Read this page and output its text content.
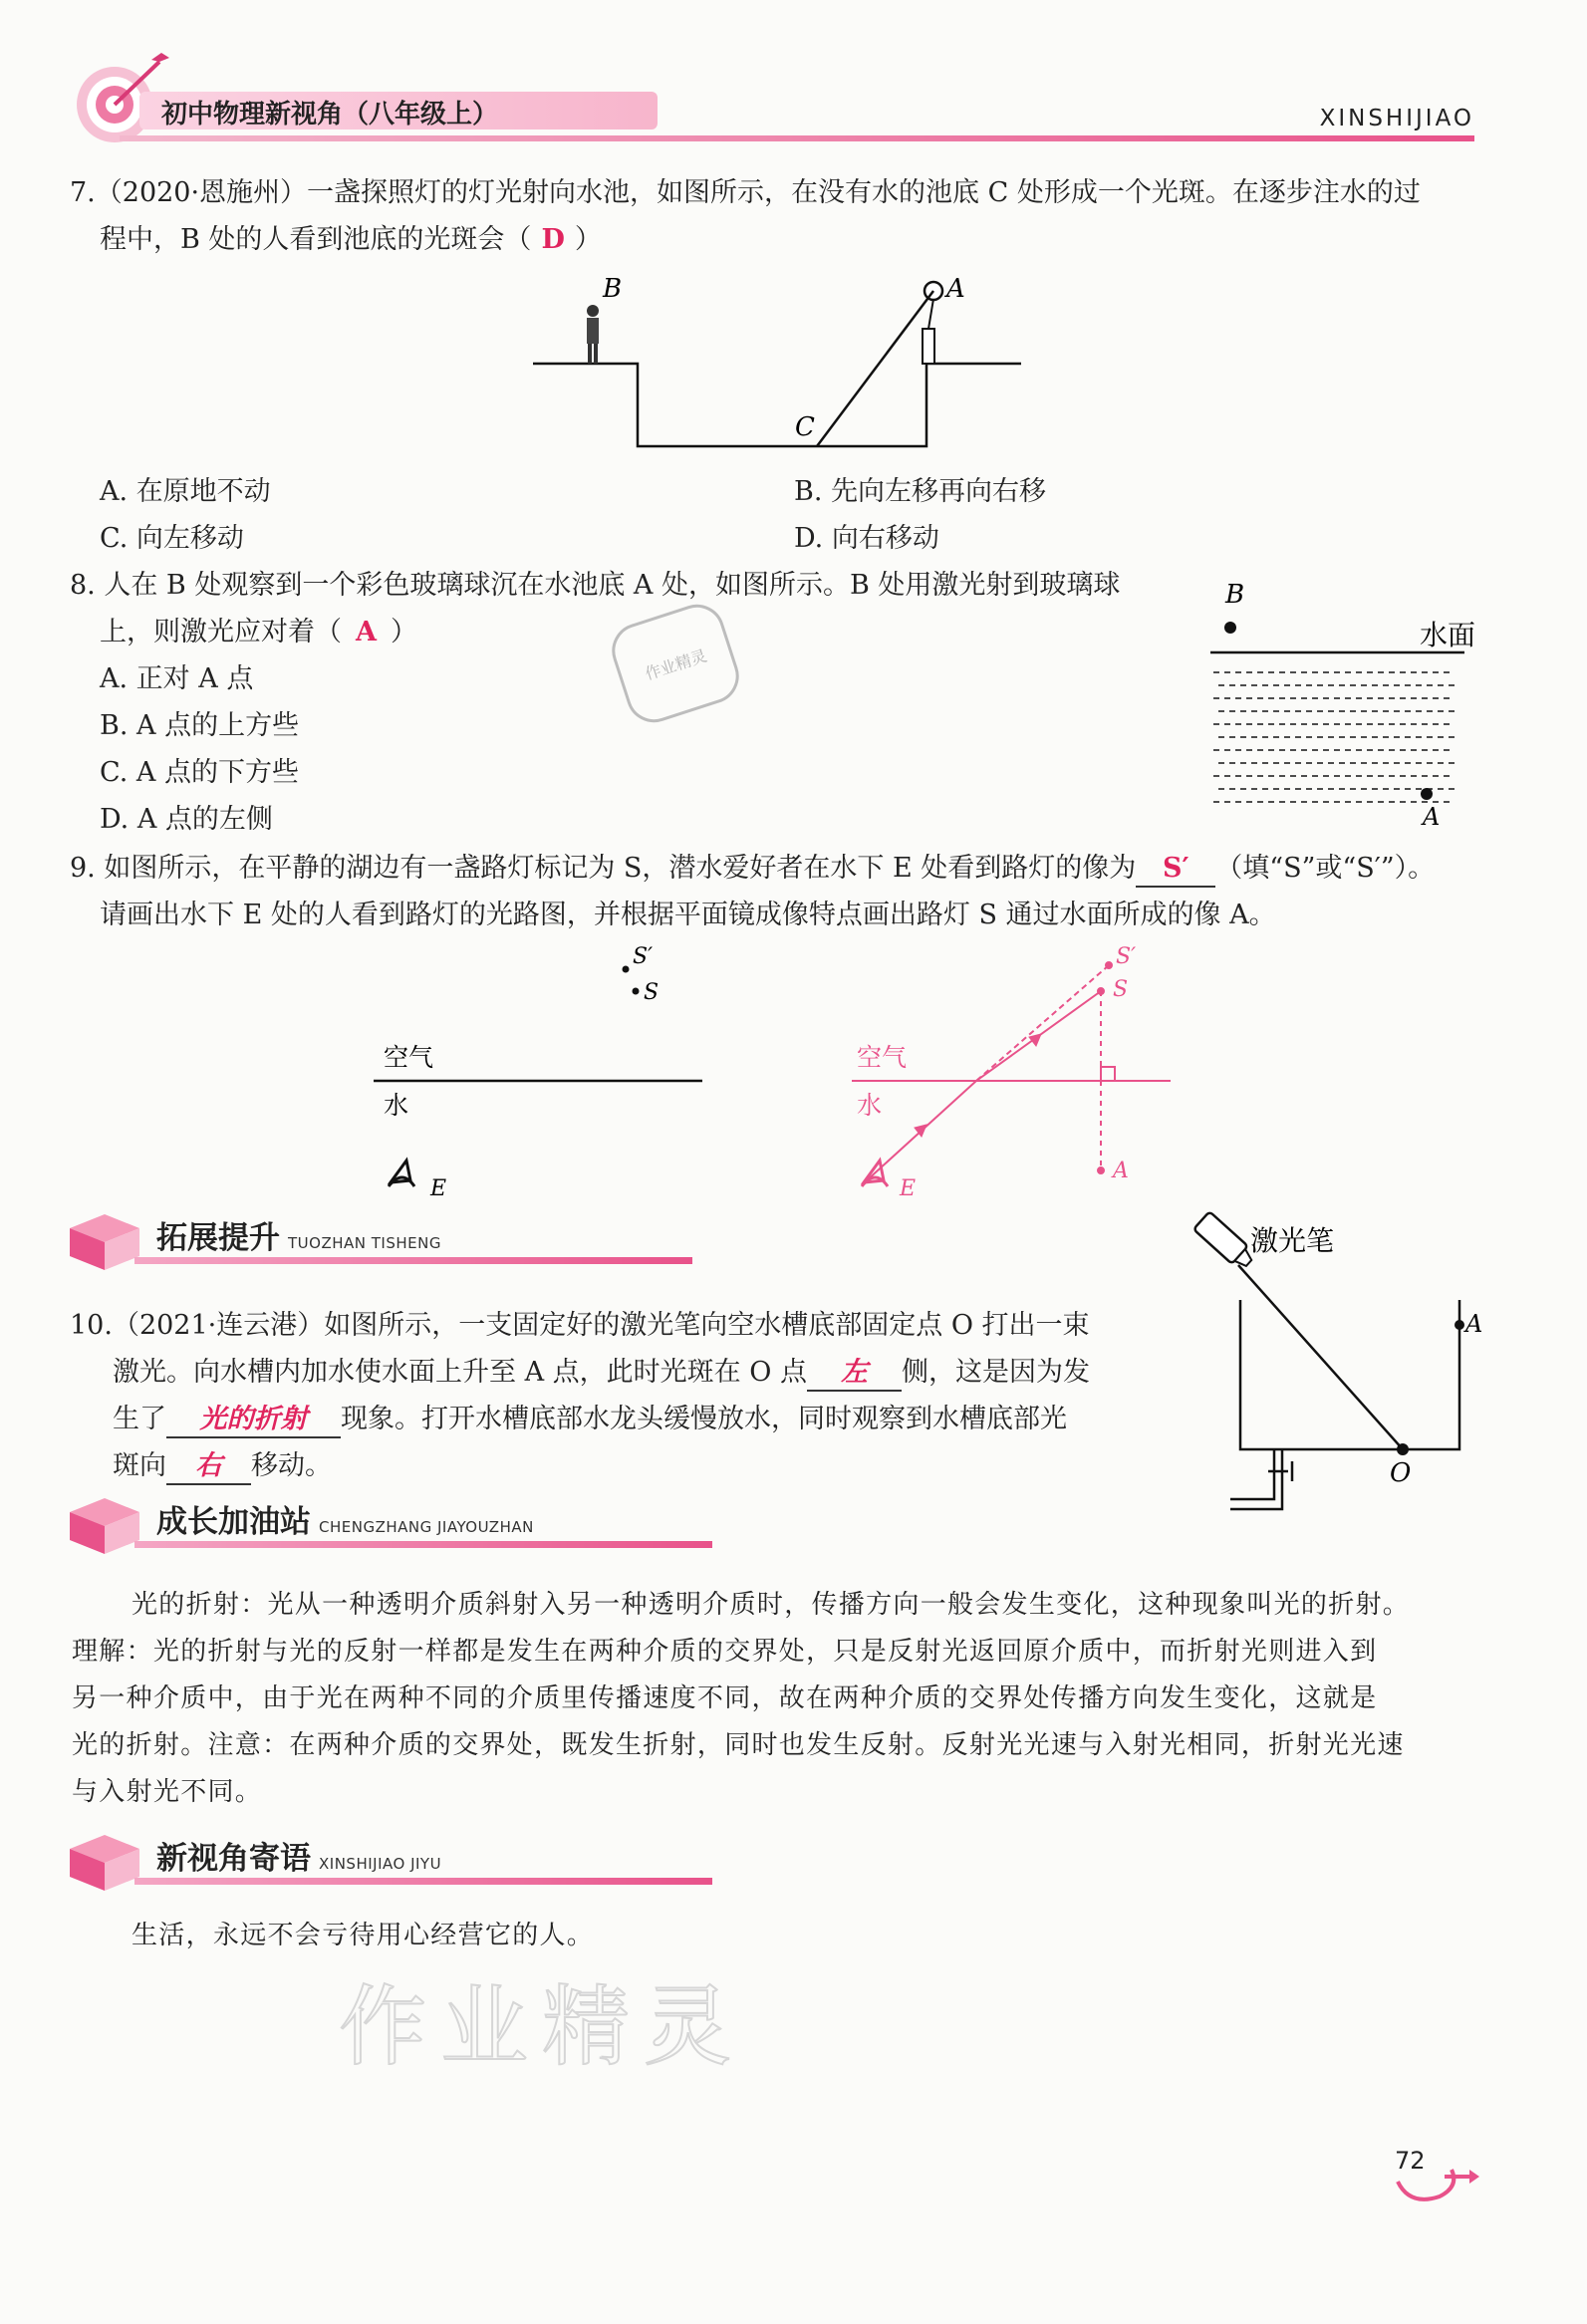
初中物理新视角（八年级上）	XINSHIJIAO
7.（2020·恩施州）一盏探照灯的灯光射向水池，如图所示，在没有水的池底 C 处形成一个光斑。在逐步注水的过
程中，B 处的人看到池底的光斑会（ D ）
B	A
C
A. 在原地不动	B. 先向左移再向右移
C. 向左移动	D. 向右移动
8. 人在 B 处观察到一个彩色玻璃球沉在水池底 A 处，如图所示。B 处用激光射到玻璃球
上，则激光应对着（ A ）
A. 正对 A 点
B. A 点的上方些
C. A 点的下方些
D. A 点的左侧
作业精灵
B
水面
A
9. 如图所示，在平静的湖边有一盏路灯标记为 S，潜水爱好者在水下 E 处看到路灯的像为 S′ （填“S”或“S′”）。
请画出水下 E 处的人看到路灯的光路图，并根据平面镜成像特点画出路灯 S 通过水面所成的像 A。
S′
S
空气
水
E
S′
S
空气
水
E
A
拓展提升 TUOZHAN TISHENG
10.（2021·连云港）如图所示，一支固定好的激光笔向空水槽底部固定点 O 打出一束
激光。向水槽内加水使水面上升至 A 点，此时光斑在 O 点 左 侧，这是因为发
生了 光的折射 现象。打开水槽底部水龙头缓慢放水，同时观察到水槽底部光
斑向 右 移动。
激光笔
A
O
成长加油站 CHENGZHANG JIAYOUZHAN
光的折射：光从一种透明介质斜射入另一种透明介质时，传播方向一般会发生变化，这种现象叫光的折射。
理解：光的折射与光的反射一样都是发生在两种介质的交界处，只是反射光返回原介质中，而折射光则进入到
另一种介质中，由于光在两种不同的介质里传播速度不同，故在两种介质的交界处传播方向发生变化，这就是
光的折射。注意：在两种介质的交界处，既发生折射，同时也发生反射。反射光光速与入射光相同，折射光光速
与入射光不同。
新视角寄语 XINSHIJIAO JIYU
生活，永远不会亏待用心经营它的人。
作业精灵
72
